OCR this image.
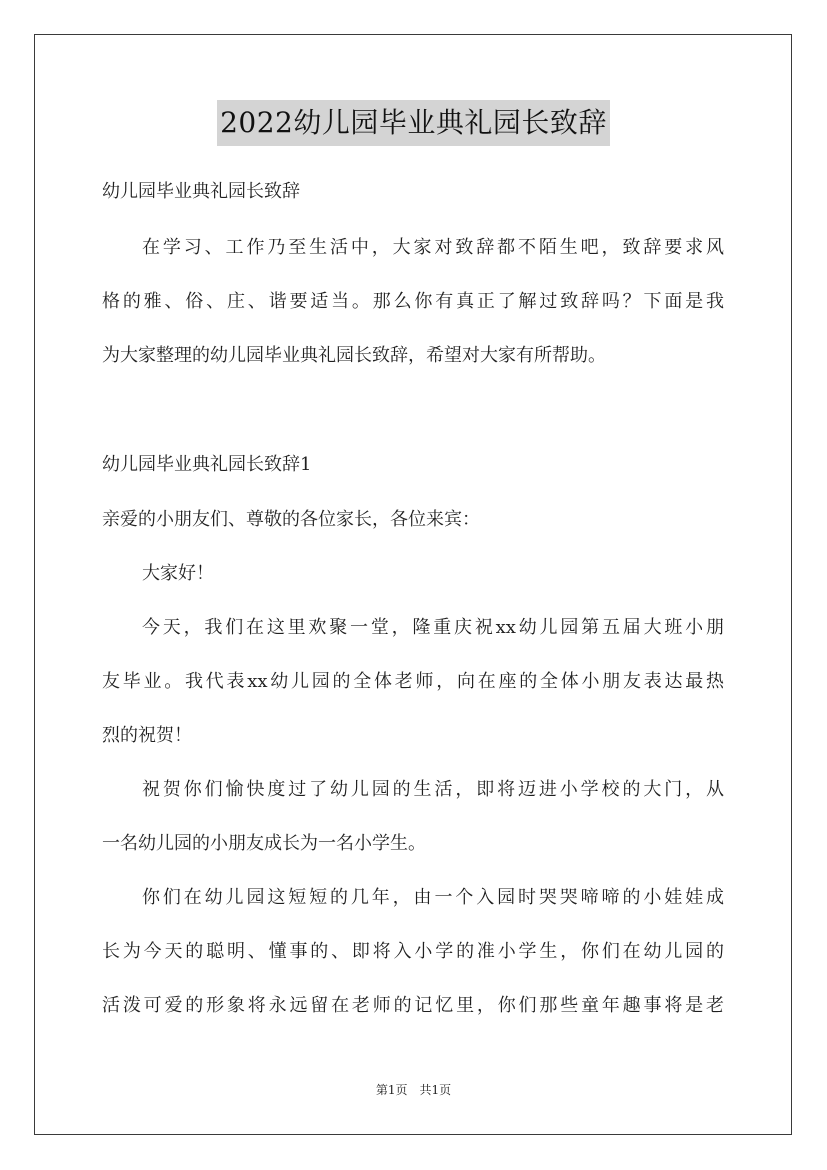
2022幼儿园毕业典礼园长致辞
幼儿园毕业典礼园长致辞
在学习、工作乃至生活中，大家对致辞都不陌生吧，致辞要求风
格的雅、俗、庄、谐要适当。那么你有真正了解过致辞吗？下面是我
为大家整理的幼儿园毕业典礼园长致辞，希望对大家有所帮助。
幼儿园毕业典礼园长致辞1
亲爱的小朋友们、尊敬的各位家长，各位来宾：
大家好！
今天，我们在这里欢聚一堂，隆重庆祝xx幼儿园第五届大班小朋
友毕业。我代表xx幼儿园的全体老师，向在座的全体小朋友表达最热
烈的祝贺！
祝贺你们愉快度过了幼儿园的生活，即将迈进小学校的大门，从
一名幼儿园的小朋友成长为一名小学生。
你们在幼儿园这短短的几年，由一个入园时哭哭啼啼的小娃娃成
长为今天的聪明、懂事的、即将入小学的准小学生，你们在幼儿园的
活泼可爱的形象将永远留在老师的记忆里，你们那些童年趣事将是老
第1页　共1页
